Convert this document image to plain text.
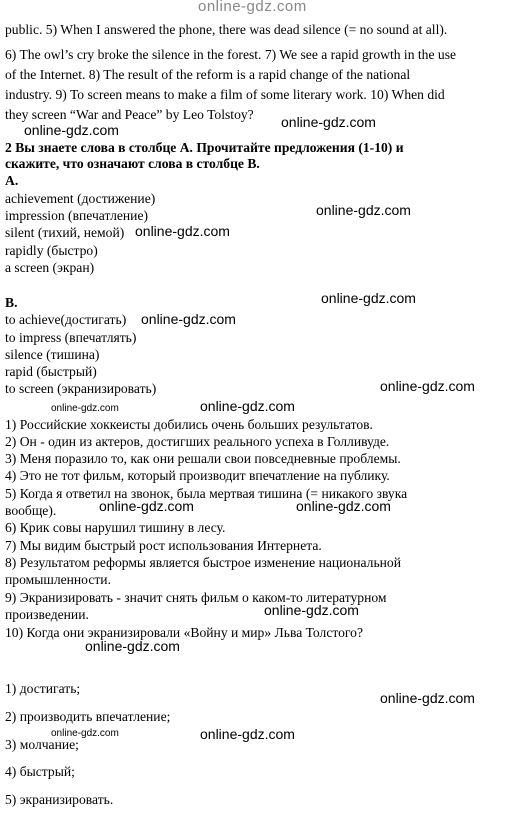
online-gdz.com
public. 5) When I answered the phone, there was dead silence (= no sound at all).
6) The owl’s cry broke the silence in the forest. 7) We see a rapid growth in the use
of the Internet. 8) The result of the reform is a rapid change of the national
industry. 9) To screen means to make a film of some literary work. 10) When did
they screen “War and Peace” by Leo Tolstoy?
2 Вы знаете слова в столбце А. Прочитайте предложения (1-10) и
скажите, что означают слова в столбце В.
А.
achievement (достижение)
impression (впечатление)
silent (тихий, немой)
rapidly (быстро)
a screen (экран)
В.
to achieve(достигать)
to impress (впечатлять)
silence (тишина)
rapid (быстрый)
to screen (экранизировать)
1) Российские хоккеисты добились очень больших результатов.
2) Он - один из актеров, достигших реального успеха в Голливуде.
3) Меня поразило то, как они решали свои повседневные проблемы.
4) Это не тот фильм, который производит впечатление на публику.
5) Когда я ответил на звонок, была мертвая тишина (= никакого звука
вообще).
6) Крик совы нарушил тишину в лесу.
7) Мы видим быстрый рост использования Интернета.
8) Результатом реформы является быстрое изменение национальной
промышленности.
9) Экранизировать - значит снять фильм о каком-то литературном
произведении.
10) Когда они экранизировали «Войну и мир» Льва Толстого?
1) достигать;
2) производить впечатление;
3) молчание;
4) быстрый;
5) экранизировать.
online-gdz.com
online-gdz.com
online-gdz.com
online-gdz.com
online-gdz.com
online-gdz.com
online-gdz.com
online-gdz.com	online-gdz.com
online-gdz.com	online-gdz.com
online-gdz.com
online-gdz.com
online-gdz.com
online-gdz.com	online-gdz.com
